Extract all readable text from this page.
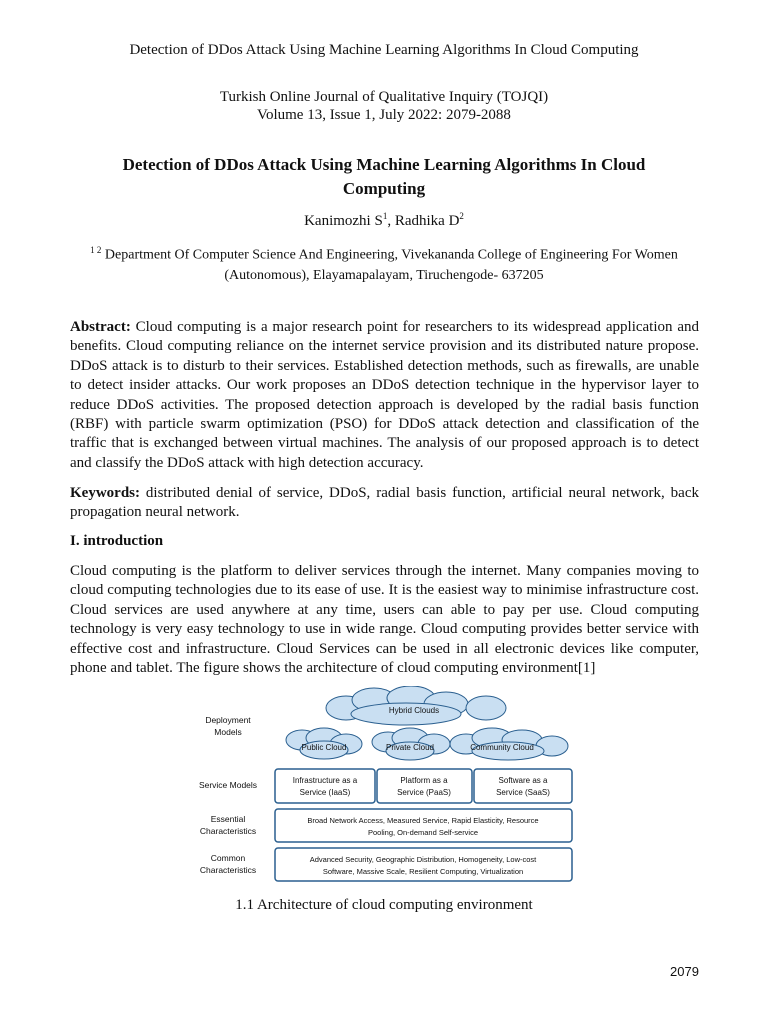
Detection of DDos Attack Using Machine Learning Algorithms In Cloud Computing
Turkish Online Journal of Qualitative Inquiry (TOJQI)
Volume 13, Issue 1, July 2022: 2079-2088
Detection of DDos Attack Using Machine Learning Algorithms In Cloud Computing
Kanimozhi $S^1$, Radhika $D^2$
$^{1 2}$ Department Of Computer Science And Engineering, Vivekananda College of Engineering For Women (Autonomous), Elayamapalayam, Tiruchengode- 637205

Abstract: Cloud computing is a major research point for researchers to its widespread application and benefits. Cloud computing reliance on the internet service provision and its distributed nature propose. DDoS attack is to disturb to their services. Established detection methods, such as firewalls, are unable to detect insider attacks. Our work proposes an DDoS detection technique in the hypervisor layer to reduce DDoS activities. The proposed detection approach is developed by the radial basis function (RBF) with particle swarm optimization (PSO) for DDoS attack detection and classification of the traffic that is exchanged between virtual machines. The analysis of our proposed approach is to detect and classify the DDoS attack with high detection accuracy.

Keywords: distributed denial of service, DDoS, radial basis function, artificial neural network, back propagation neural network.

I. introduction

Cloud computing is the platform to deliver services through the internet. Many companies moving to cloud computing technologies due to its ease of use. It is the easiest way to minimise infrastructure cost. Cloud services are used anywhere at any time, users can able to pay per use. Cloud computing technology is very easy technology to use in wide range. Cloud computing provides better service with effective cost and infrastructure. Cloud Services can be used in all electronic devices like computer, phone and tablet. The figure shows the architecture of cloud computing environment[1]

Hybrid Clouds
Public Cloud	Private Cloud	Community Cloud
Deployment
Models
Service Models
Essential
Characteristics
Common
Characteristics
Infrastructure as a
Service (IaaS)
Platform as a
Service (PaaS)
Software as a
Service (SaaS)
Broad Network Access, Measured Service, Rapid Elasticity, Resource
Pooling, On-demand Self-service
Advanced Security, Geographic Distribution, Homogeneity, Low-cost
Software, Massive Scale, Resilient Computing, Virtualization
1.1 Architecture of cloud computing environment
2079
